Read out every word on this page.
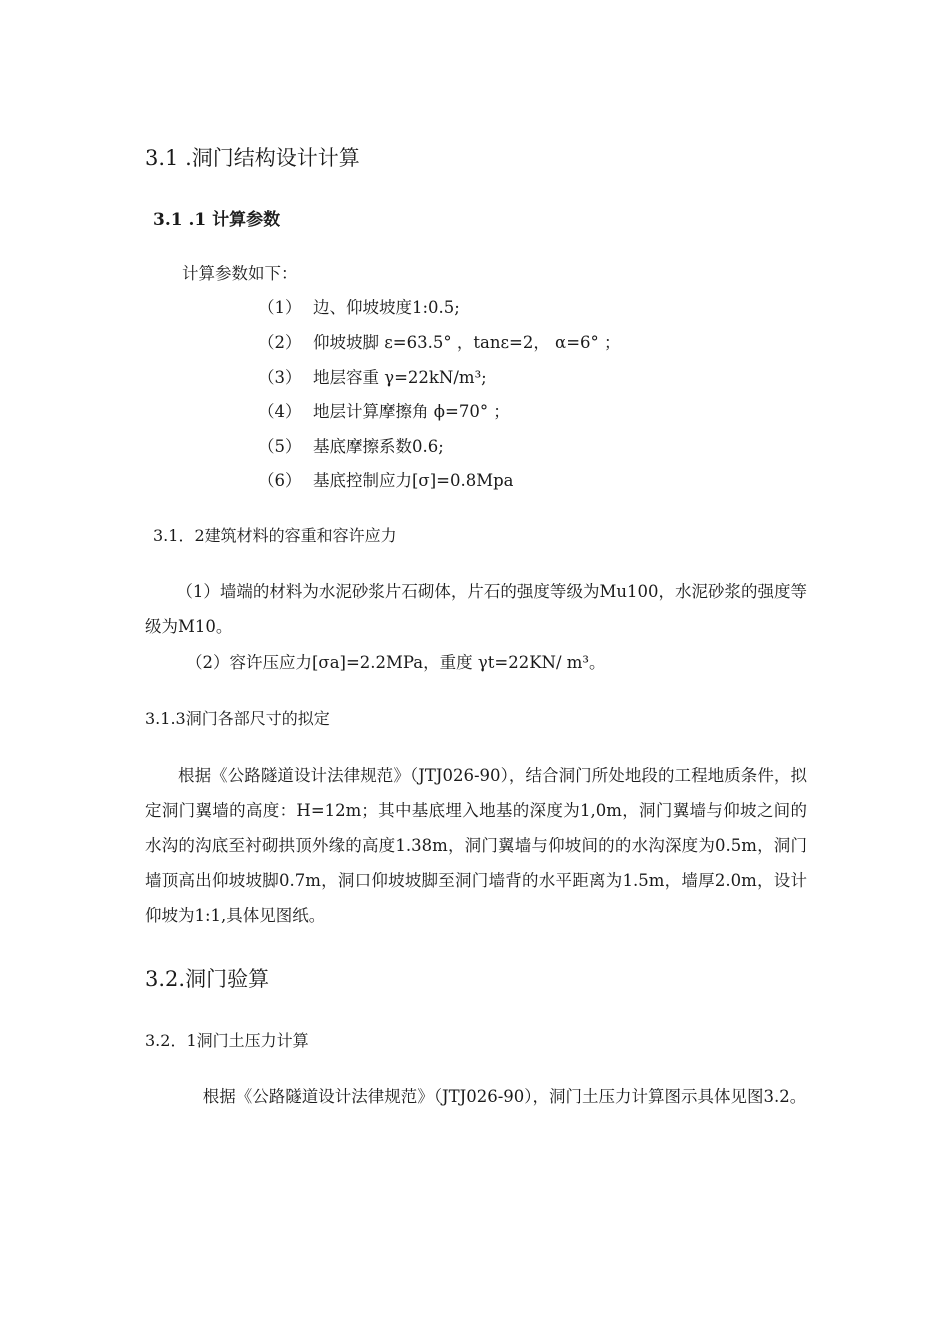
3.1 .洞门结构设计计算
3.1 .1 计算参数
计算参数如下：
（1） 边、仰坡坡度1:0.5;
（2） 仰坡坡脚 ε=63.5° ，tanε=2， α=6° ；
（3） 地层容重 γ=22kN/m³;
（4） 地层计算摩擦角 ϕ=70° ；
（5） 基底摩擦系数0.6;
（6） 基底控制应力[σ]=0.8Mpa
3.1．2建筑材料的容重和容许应力

（1）墙端的材料为水泥砂浆片石砌体，片石的强度等级为Mu100，水泥砂浆的强度等级为M10。

（2）容许压应力[σa]=2.2MPa，重度 γt=22KN/ m³。
3.1.3洞门各部尺寸的拟定

根据《公路隧道设计法律规范》（JTJ026-90），结合洞门所处地段的工程地质条件，拟定洞门翼墙的高度：H=12m；其中基底埋入地基的深度为1,0m，洞门翼墙与仰坡之间的水沟的沟底至衬砌拱顶外缘的高度1.38m，洞门翼墙与仰坡间的的水沟深度为0.5m，洞门墙顶高出仰坡坡脚0.7m，洞口仰坡坡脚至洞门墙背的水平距离为1.5m，墙厚2.0m，设计仰坡为1:1,具体见图纸。

3.2.洞门验算
3.2．1洞门土压力计算

根据《公路隧道设计法律规范》（JTJ026-90），洞门土压力计算图示具体见图3.2。
